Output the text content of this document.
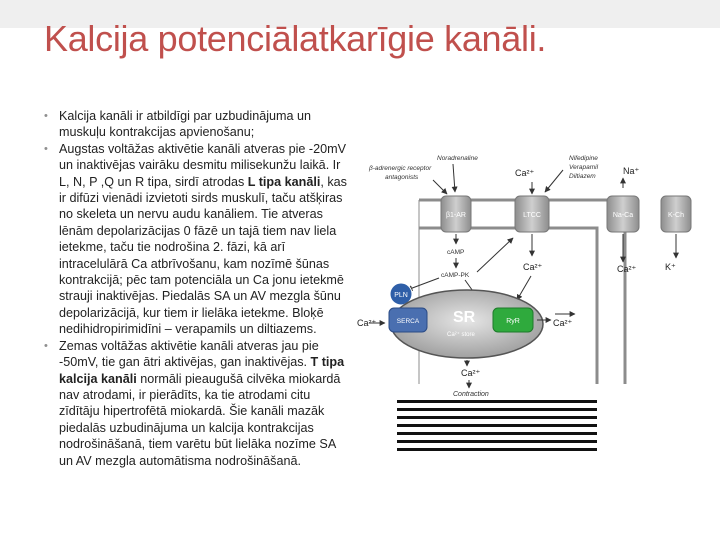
Kalcija potenciālatkarīgie kanāli.
• Kalcija kanāli ir atbildīgi par uzbudinājuma un muskuļu kontrakcijas apvienošanu;
• Augstas voltāžas aktivētie kanāli atveras pie -20mV un inaktivējas vairāku desmitu milisekunžu laikā. Ir L, N, P ,Q un R tipa, sirdī atrodas L tipa kanāli, kas ir difūzi vienādi izvietoti sirds muskulī, taču atšķiras no skeleta un nervu audu kanāliem. Tie atveras lēnām depolarizācijas 0 fāzē un tajā tiem nav liela ietekme, taču tie nodrošina 2. fāzi, kā arī intracelulārā Ca atbrīvošanu, kam nozīmē šūnas kontrakcijā; pēc tam potenciāla un Ca jonu ietekmē strauji inaktivējas. Piedalās SA un AV mezgla šūnu depolarizācijā, kur tiem ir lielāka ietekme. Bloķē nedihidropirimidīni – verapamils un diltiazems.
• Zemas voltāžas aktivētie kanāli atveras jau pie -50mV, tie gan ātri aktivējas, gan inaktivējas. T tipa kalcija kanāli normāli pieaugušā cilvēka miokardā nav atrodami, ir pierādīts, ka tie atrodami citu zīdītāju hipertrofētā miokardā. Šie kanāli mazāk piedalās uzbudinājuma un kalcija kontrakcijas nodrošināšanā, tiem varētu būt lielāka nozīme SA un AV mezgla automātisma nodrošināšanā.
β1-AR	LTCC	Na-Ca	K-Ch
β-adrenergic receptor antagonists
Noradrenaline
Ca²⁺
Nifedipine Verapamil Diltiazem
Na⁺
cAMP
cAMP-PK
Ca²⁺	Ca²⁺	K⁺
PLN
SR
Ca²⁺ store
SERCA	RyR
Ca²⁺	Ca²⁺
Ca²⁺
Contraction
